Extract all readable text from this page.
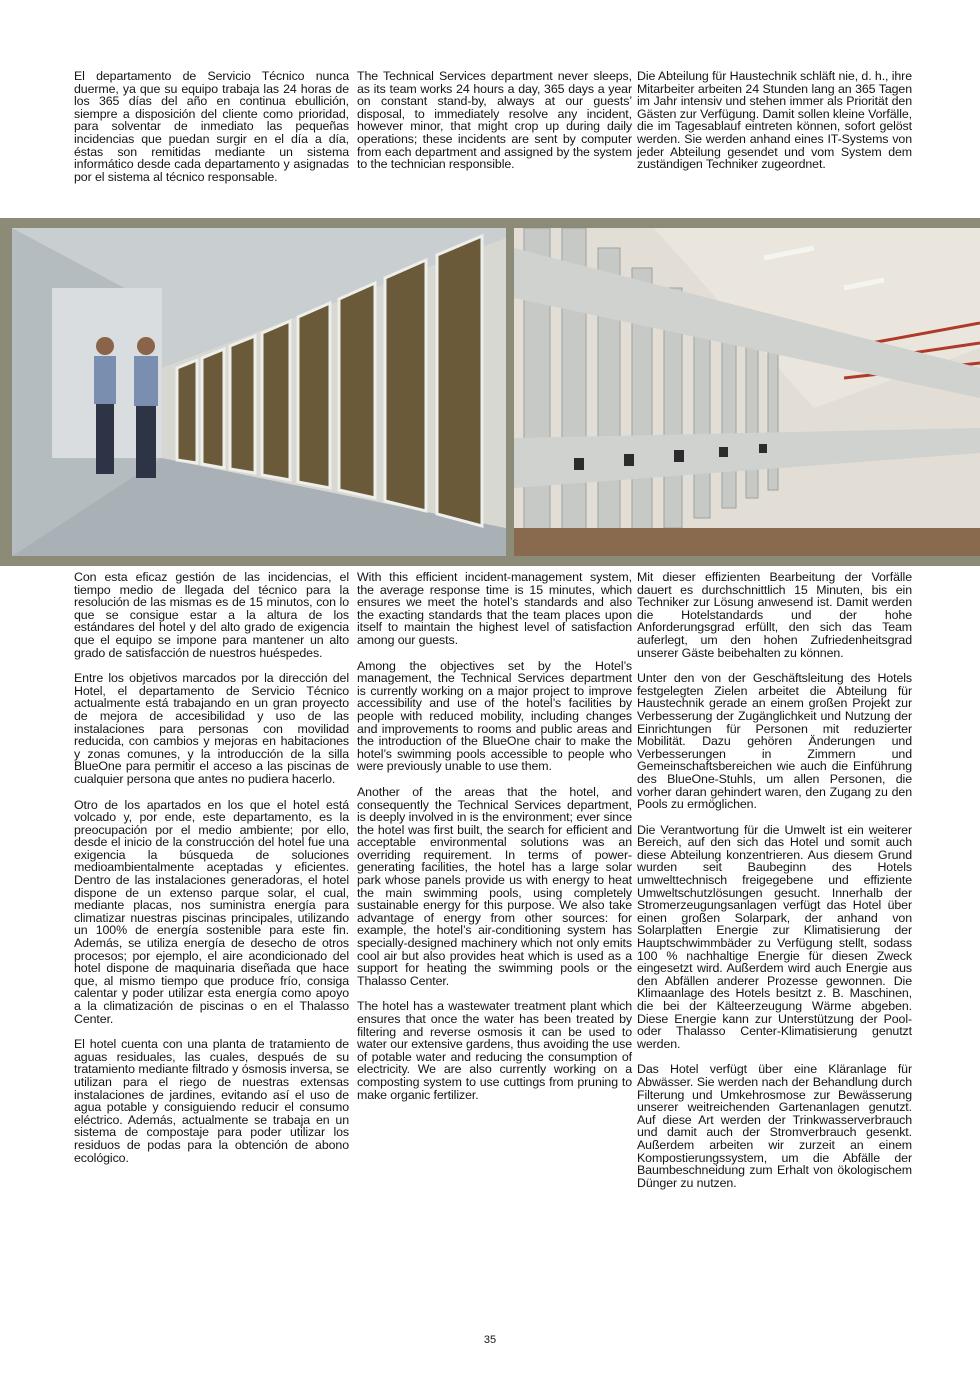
El departamento de Servicio Técnico nunca duerme, ya que su equipo trabaja las 24 horas de los 365 días del año en continua ebullición, siempre a disposición del cliente como prioridad, para solventar de inmediato las pequeñas incidencias que puedan surgir en el día a día, éstas son remitidas mediante un sistema informático desde cada departamento y asignadas por el sistema al técnico responsable.

The Technical Services department never sleeps, as its team works 24 hours a day, 365 days a year on constant stand-by, always at our guests’ disposal, to immediately resolve any incident, however minor, that might crop up during daily operations; these incidents are sent by computer from each department and assigned by the system to the technician responsible.

Die Abteilung für Haustechnik schläft nie, d. h., ihre Mitarbeiter arbeiten 24 Stunden lang an 365 Tagen im Jahr intensiv und stehen immer als Priorität den Gästen zur Verfügung. Damit sollen kleine Vorfälle, die im Tagesablauf eintreten können, sofort gelöst werden. Sie werden anhand eines IT-Systems von jeder Abteilung gesendet und vom System dem zuständigen Techniker zugeordnet.

Con esta eficaz gestión de las incidencias, el tiempo medio de llegada del técnico para la resolución de las mismas es de 15 minutos, con lo que se consigue estar a la altura de los estándares del hotel y del alto grado de exigencia que el equipo se impone para mantener un alto grado de satisfacción de nuestros huéspedes.

Entre los objetivos marcados por la dirección del Hotel, el departamento de Servicio Técnico actualmente está trabajando en un gran proyecto de mejora de accesibilidad y uso de las instalaciones para personas con movilidad reducida, con cambios y mejoras en habitaciones y zonas comunes, y la introducción de la silla BlueOne para permitir el acceso a las piscinas de cualquier persona que antes no pudiera hacerlo.

Otro de los apartados en los que el hotel está volcado y, por ende, este departamento, es la preocupación por el medio ambiente; por ello, desde el inicio de la construcción del hotel fue una exigencia la búsqueda de soluciones medioambientalmente aceptadas y eficientes. Dentro de las instalaciones generadoras, el hotel dispone de un extenso parque solar, el cual, mediante placas, nos suministra energía para climatizar nuestras piscinas principales, utilizando un 100% de energía sostenible para este fin. Además, se utiliza energía de desecho de otros procesos; por ejemplo, el aire acondicionado del hotel dispone de maquinaria diseñada que hace que, al mismo tiempo que produce frío, consiga calentar y poder utilizar esta energía como apoyo a la climatización de piscinas o en el Thalasso Center.

El hotel cuenta con una planta de tratamiento de aguas residuales, las cuales, después de su tratamiento mediante filtrado y ósmosis inversa, se utilizan para el riego de nuestras extensas instalaciones de jardines, evitando así el uso de agua potable y consiguiendo reducir el consumo eléctrico. Además, actualmente se trabaja en un sistema de compostaje para poder utilizar los residuos de podas para la obtención de abono ecológico.

With this efficient incident-management system, the average response time is 15 minutes, which ensures we meet the hotel’s standards and also the exacting standards that the team places upon itself to maintain the highest level of satisfaction among our guests.

Among the objectives set by the Hotel’s management, the Technical Services department is currently working on a major project to improve accessibility and use of the hotel’s facilities by people with reduced mobility, including changes and improvements to rooms and public areas and the introduction of the BlueOne chair to make the hotel’s swimming pools accessible to people who were previously unable to use them.

Another of the areas that the hotel, and consequently the Technical Services department, is deeply involved in is the environment; ever since the hotel was first built, the search for efficient and acceptable environmental solutions was an overriding requirement. In terms of power-generating facilities, the hotel has a large solar park whose panels provide us with energy to heat the main swimming pools, using completely sustainable energy for this purpose. We also take advantage of energy from other sources: for example, the hotel’s air-conditioning system has specially-designed machinery which not only emits cool air but also provides heat which is used as a support for heating the swimming pools or the Thalasso Center.

The hotel has a wastewater treatment plant which ensures that once the water has been treated by filtering and reverse osmosis it can be used to water our extensive gardens, thus avoiding the use of potable water and reducing the consumption of electricity. We are also currently working on a composting system to use cuttings from pruning to make organic fertilizer.

Mit dieser effizienten Bearbeitung der Vorfälle dauert es durchschnittlich 15 Minuten, bis ein Techniker zur Lösung anwesend ist. Damit werden die Hotelstandards und der hohe Anforderungsgrad erfüllt, den sich das Team auferlegt, um den hohen Zufriedenheitsgrad unserer Gäste beibehalten zu können.

Unter den von der Geschäftsleitung des Hotels festgelegten Zielen arbeitet die Abteilung für Haustechnik gerade an einem großen Projekt zur Verbesserung der Zugänglichkeit und Nutzung der Einrichtungen für Personen mit reduzierter Mobilität. Dazu gehören Änderungen und Verbesserungen in Zimmern und Gemeinschaftsbereichen wie auch die Einführung des BlueOne-Stuhls, um allen Personen, die vorher daran gehindert waren, den Zugang zu den Pools zu ermöglichen.

Die Verantwortung für die Umwelt ist ein weiterer Bereich, auf den sich das Hotel und somit auch diese Abteilung konzentrieren. Aus diesem Grund wurden seit Baubeginn des Hotels umwelttechnisch freigegebene und effiziente Umweltschutzlösungen gesucht. Innerhalb der Stromerzeugungsanlagen verfügt das Hotel über einen großen Solarpark, der anhand von Solarplatten Energie zur Klimatisierung der Hauptschwimmbäder zu Verfügung stellt, sodass 100 % nachhaltige Energie für diesen Zweck eingesetzt wird. Außerdem wird auch Energie aus den Abfällen anderer Prozesse gewonnen. Die Klimaanlage des Hotels besitzt z. B. Maschinen, die bei der Kälteerzeugung Wärme abgeben. Diese Energie kann zur Unterstützung der Pool- oder Thalasso Center-Klimatisierung genutzt werden.

Das Hotel verfügt über eine Kläranlage für Abwässer. Sie werden nach der Behandlung durch Filterung und Umkehrosmose zur Bewässerung unserer weitreichenden Gartenanlagen genutzt. Auf diese Art werden der Trinkwasserverbrauch und damit auch der Stromverbrauch gesenkt. Außerdem arbeiten wir zurzeit an einem Kompostierungssystem, um die Abfälle der Baumbeschneidung zum Erhalt von ökologischem Dünger zu nutzen.

35
